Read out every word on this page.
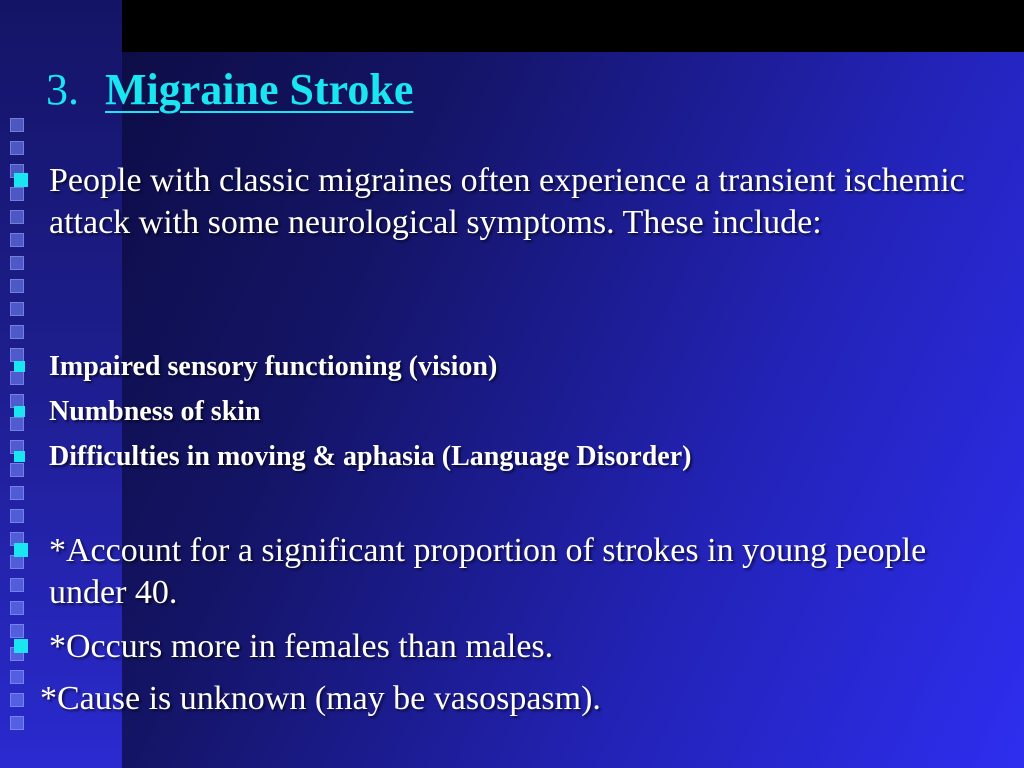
3. Migraine Stroke
People with classic migraines often experience a transient ischemic attack with some neurological symptoms. These include:
Impaired sensory functioning (vision)
Numbness of skin
Difficulties in moving & aphasia (Language Disorder)
*Account for a significant proportion of strokes in young people under 40.
*Occurs more in females than males.
*Cause is unknown (may be vasospasm).
